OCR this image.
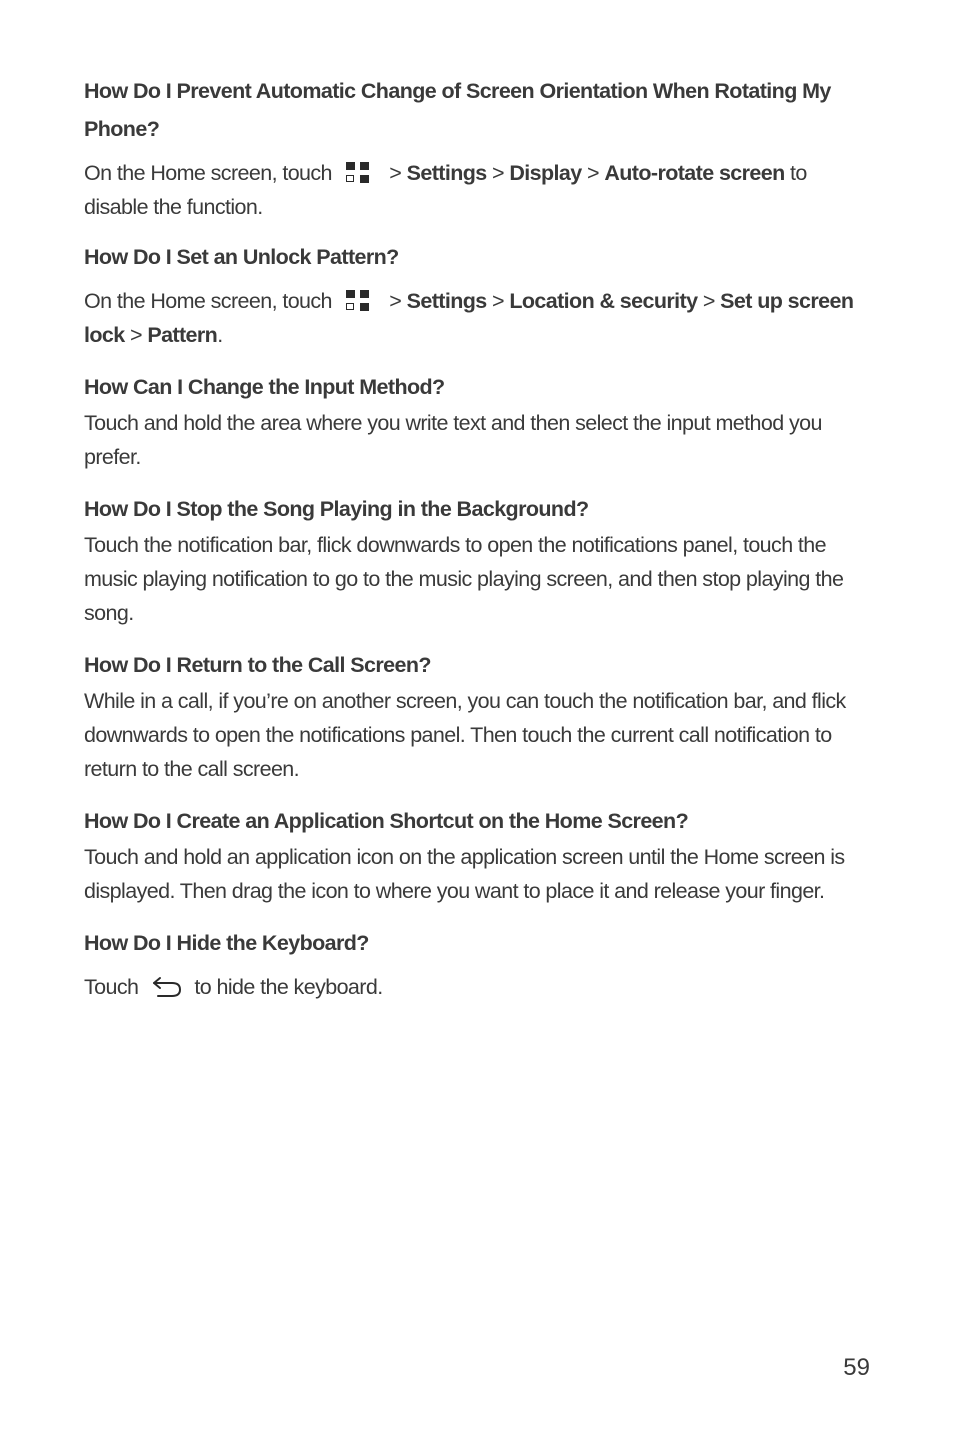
How Do I Prevent Automatic Change of Screen Orientation When Rotating My Phone?

On the Home screen, touch
> Settings > Display > Auto-rotate screen to disable the function.

How Do I Set an Unlock Pattern?

On the Home screen, touch
> Settings > Location & security > Set up screen lock > Pattern.

How Can I Change the Input Method?

Touch and hold the area where you write text and then select the input method you prefer.

How Do I Stop the Song Playing in the Background?

Touch the notification bar, flick downwards to open the notifications panel, touch the music playing notification to go to the music playing screen, and then stop playing the song.

How Do I Return to the Call Screen?

While in a call, if you’re on another screen, you can touch the notification bar, and flick downwards to open the notifications panel. Then touch the current call notification to return to the call screen.

How Do I Create an Application Shortcut on the Home Screen?

Touch and hold an application icon on the application screen until the Home screen is displayed. Then drag the icon to where you want to place it and release your finger.

How Do I Hide the Keyboard?

Touch	to hide the keyboard.

59
